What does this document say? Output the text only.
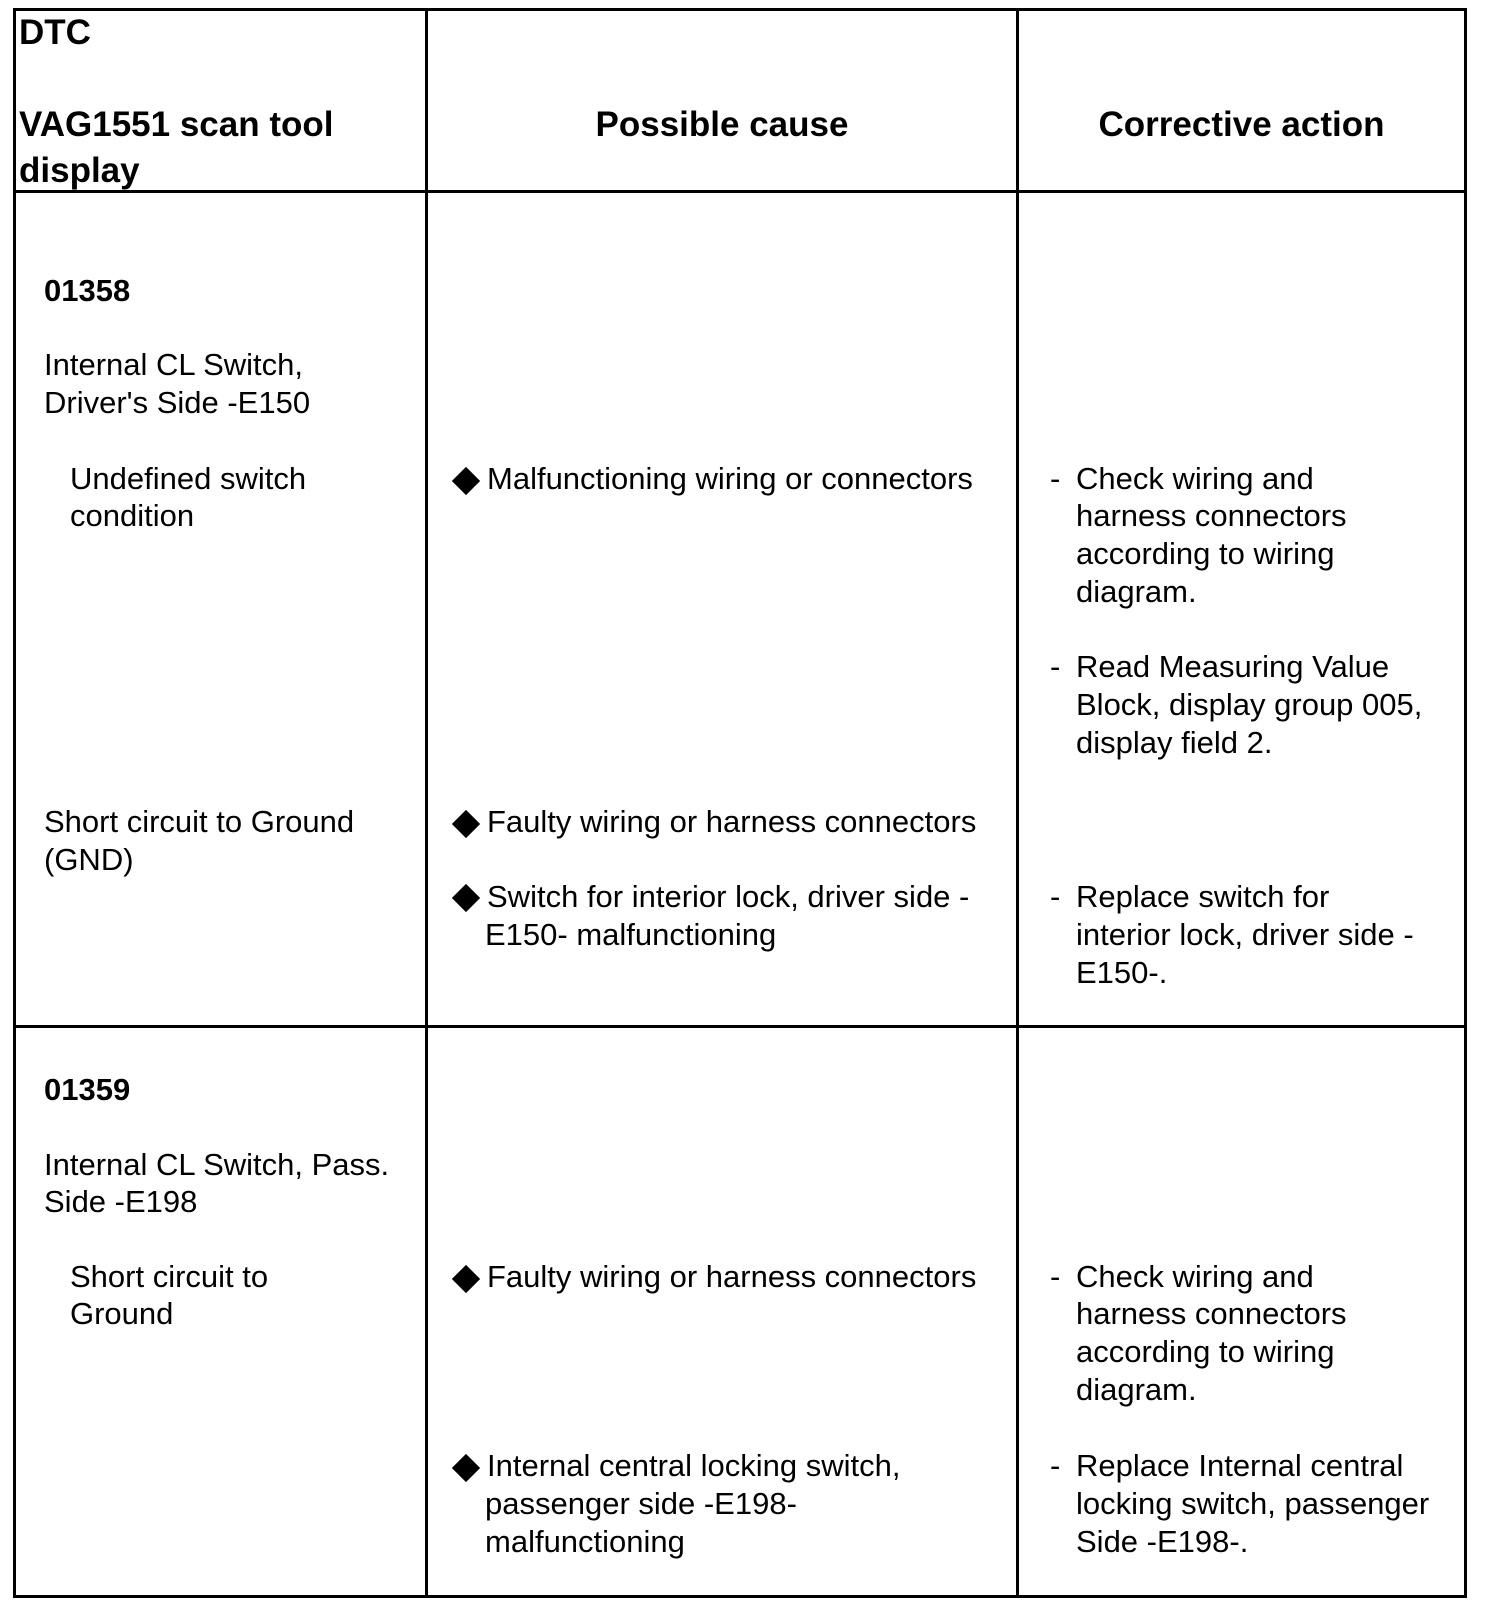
DTC
VAG1551 scan tool
display
Possible cause	Corrective action
01358
Internal CL Switch,
Driver's Side -E150
Undefined switch
condition
Malfunctioning wiring or connectors - Check wiring and
harness connectors
according to wiring
diagram.
- Read Measuring Value
Block, display group 005,
display field 2.
Short circuit to Ground
(GND)
Faulty wiring or harness connectors
Switch for interior lock, driver side -
E150- malfunctioning
- Replace switch for
interior lock, driver side -
E150-.
01359
Internal CL Switch, Pass.
Side -E198
Short circuit to
Ground
Faulty wiring or harness connectors - Check wiring and
harness connectors
according to wiring
diagram.
Internal central locking switch,
passenger side -E198-
malfunctioning
- Replace Internal central
locking switch, passenger
Side -E198-.
